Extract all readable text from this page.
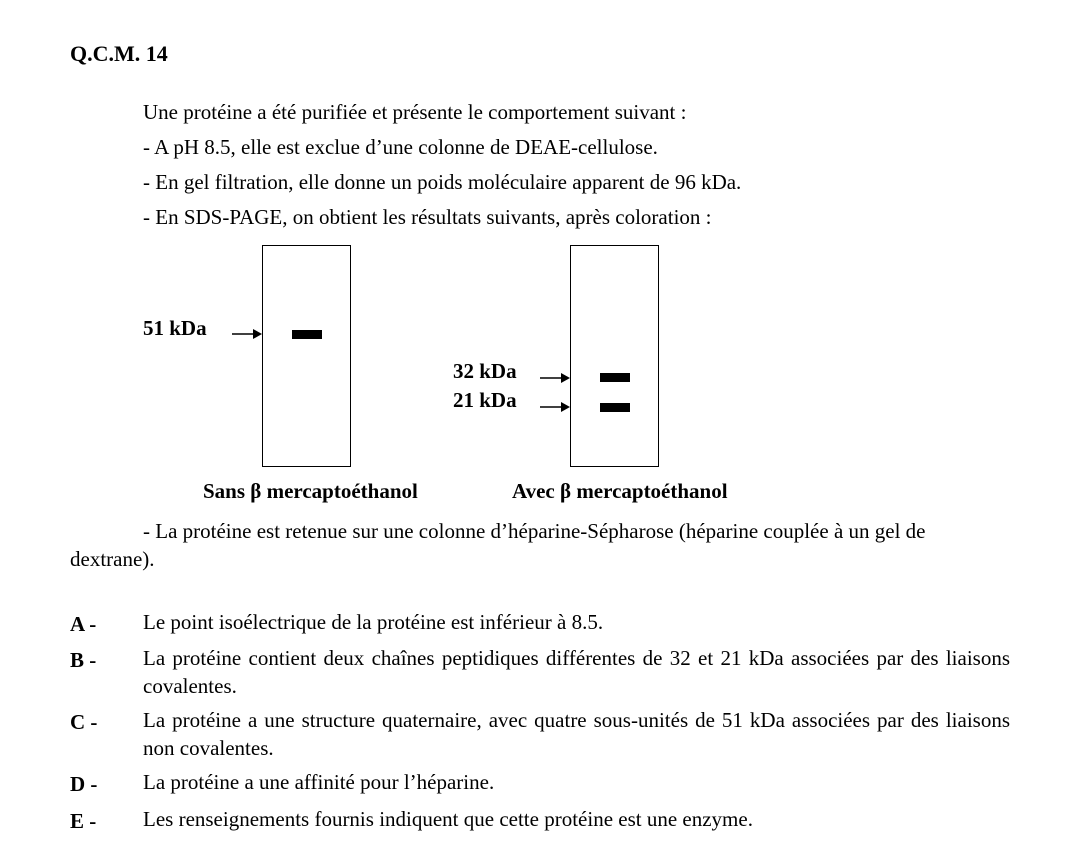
Q.C.M. 14
Une protéine a été purifiée et présente le comportement suivant :
- A pH 8.5, elle est exclue d’une colonne de DEAE-cellulose.
- En gel filtration, elle donne un poids moléculaire apparent de 96 kDa.
- En SDS-PAGE, on obtient les résultats suivants, après coloration :
51 kDa
Sans β mercaptoéthanol
32 kDa
21 kDa
Avec β mercaptoéthanol
- La protéine est retenue sur une colonne d’héparine-Sépharose (héparine couplée à un gel de dextrane).
A - Le point isoélectrique de la protéine est inférieur à 8.5.
B - La protéine contient deux chaînes peptidiques différentes de 32 et 21 kDa associées par des liaisons covalentes.
C - La protéine a une structure quaternaire, avec quatre sous-unités de 51 kDa associées par des liaisons non covalentes.
D - La protéine a une affinité pour l’héparine.
E - Les renseignements fournis indiquent que cette protéine est une enzyme.
